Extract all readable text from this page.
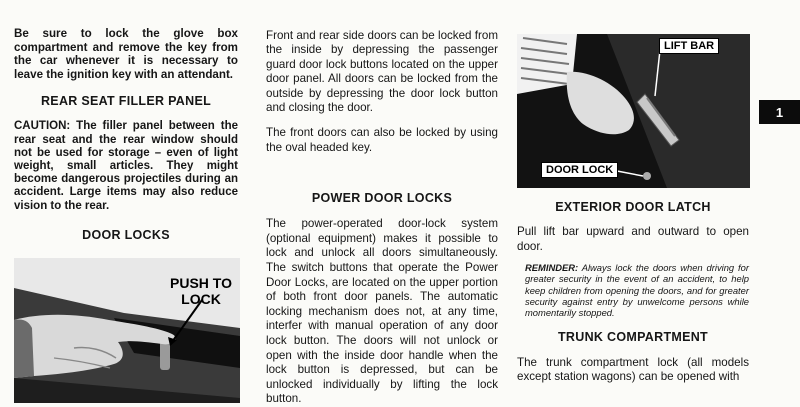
Be sure to lock the glove box compartment and remove the key from the car whenever it is necessary to leave the ignition key with an attendant.

REAR SEAT FILLER PANEL

CAUTION: The filler panel between the rear seat and the rear window should not be used for storage – even of light weight, small articles. They might become dangerous projectiles during an accident. Large items may also reduce vision to the rear.

DOOR LOCKS

PUSH TO LOCK

Front and rear side doors can be locked from the inside by depressing the passenger guard door lock buttons located on the upper door panel. All doors can be locked from the outside by depressing the door lock button and closing the door.

The front doors can also be locked by using the oval headed key.

POWER DOOR LOCKS

The power-operated door-lock system (optional equipment) makes it possible to lock and unlock all doors simultaneously. The switch buttons that operate the Power Door Locks, are located on the upper portion of both front door panels. The automatic locking mechanism does not, at any time, interfer with manual operation of any door lock button. The doors will not unlock or open with the inside door handle when the lock button is depressed, but can be unlocked individually by lifting the lock button.

LIFT BAR
DOOR LOCK

EXTERIOR DOOR LATCH

Pull lift bar upward and outward to open door.

REMINDER: Always lock the doors when driving for greater security in the event of an accident, to help keep children from opening the doors, and for greater security against entry by unwelcome persons while momentarily stopped.

TRUNK COMPARTMENT

The trunk compartment lock (all models except station wagons) can be opened with

1
